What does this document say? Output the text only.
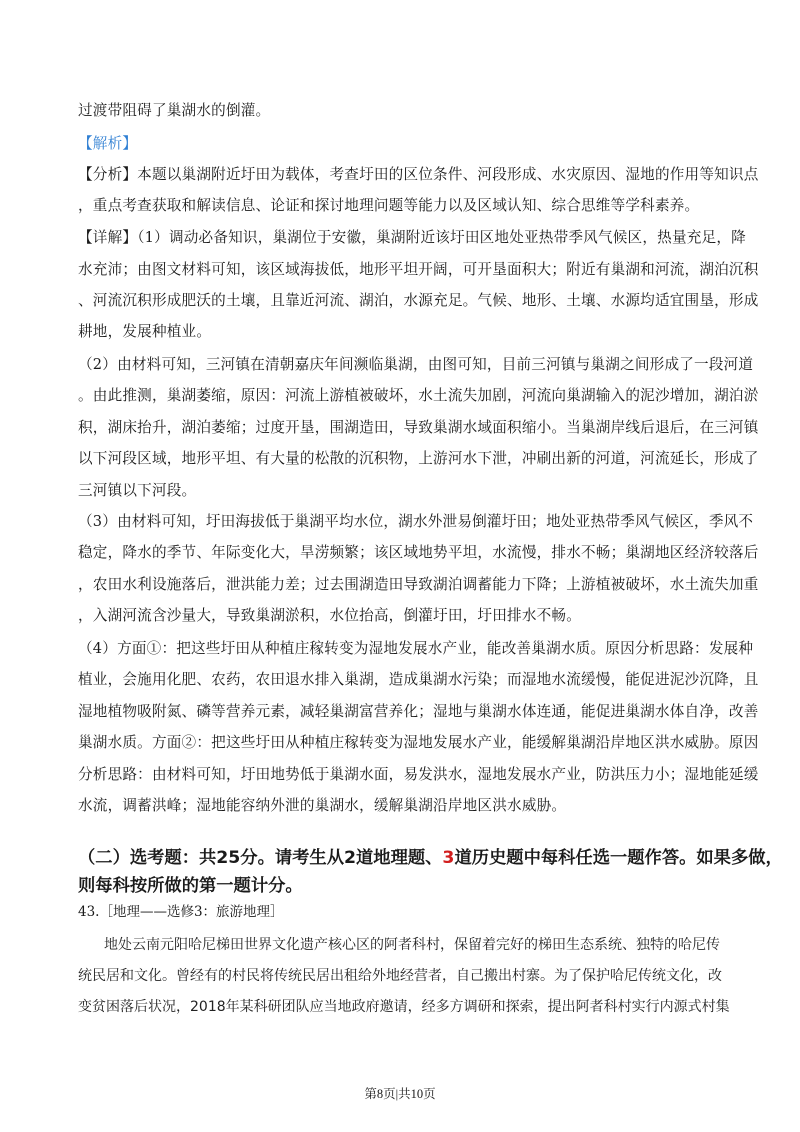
过渡带阻碍了巢湖水的倒灌。
【解析】
【分析】本题以巢湖附近圩田为载体，考查圩田的区位条件、河段形成、水灾原因、湿地的作用等知识点
，重点考查获取和解读信息、论证和探讨地理问题等能力以及区域认知、综合思维等学科素养。
【详解】（1）调动必备知识，巢湖位于安徽，巢湖附近该圩田区地处亚热带季风气候区，热量充足，降
水充沛；由图文材料可知，该区域海拔低，地形平坦开阔，可开垦面积大；附近有巢湖和河流，湖泊沉积
、河流沉积形成肥沃的土壤，且靠近河流、湖泊，水源充足。气候、地形、土壤、水源均适宜围垦，形成
耕地，发展种植业。
（2）由材料可知，三河镇在清朝嘉庆年间濒临巢湖，由图可知，目前三河镇与巢湖之间形成了一段河道
。由此推测，巢湖萎缩，原因：河流上游植被破坏，水土流失加剧，河流向巢湖输入的泥沙增加，湖泊淤
积，湖床抬升，湖泊萎缩；过度开垦，围湖造田，导致巢湖水域面积缩小。当巢湖岸线后退后，在三河镇
以下河段区域，地形平坦、有大量的松散的沉积物，上游河水下泄，冲刷出新的河道，河流延长，形成了
三河镇以下河段。
（3）由材料可知，圩田海拔低于巢湖平均水位，湖水外泄易倒灌圩田；地处亚热带季风气候区，季风不
稳定，降水的季节、年际变化大，旱涝频繁；该区域地势平坦，水流慢，排水不畅；巢湖地区经济较落后
，农田水利设施落后，泄洪能力差；过去围湖造田导致湖泊调蓄能力下降；上游植被破坏，水土流失加重
，入湖河流含沙量大，导致巢湖淤积，水位抬高，倒灌圩田，圩田排水不畅。
（4）方面①：把这些圩田从种植庄稼转变为湿地发展水产业，能改善巢湖水质。原因分析思路：发展种
植业，会施用化肥、农药，农田退水排入巢湖，造成巢湖水污染；而湿地水流缓慢，能促进泥沙沉降，且
湿地植物吸附氮、磷等营养元素，减轻巢湖富营养化；湿地与巢湖水体连通，能促进巢湖水体自净，改善
巢湖水质。方面②：把这些圩田从种植庄稼转变为湿地发展水产业，能缓解巢湖沿岸地区洪水威胁。原因
分析思路：由材料可知，圩田地势低于巢湖水面，易发洪水，湿地发展水产业，防洪压力小；湿地能延缓
水流，调蓄洪峰；湿地能容纳外泄的巢湖水，缓解巢湖沿岸地区洪水威胁。
（二）选考题：共25分。请考生从2道地理题、3道历史题中每科任选一题作答。如果多做，
则每科按所做的第一题计分。
43.［地理——选修3：旅游地理］
地处云南元阳哈尼梯田世界文化遗产核心区的阿者科村，保留着完好的梯田生态系统、独特的哈尼传
统民居和文化。曾经有的村民将传统民居出租给外地经营者，自己搬出村寨。为了保护哈尼传统文化，改
变贫困落后状况，2018年某科研团队应当地政府邀请，经多方调研和探索，提出阿者科村实行内源式村集
第8页|共10页
